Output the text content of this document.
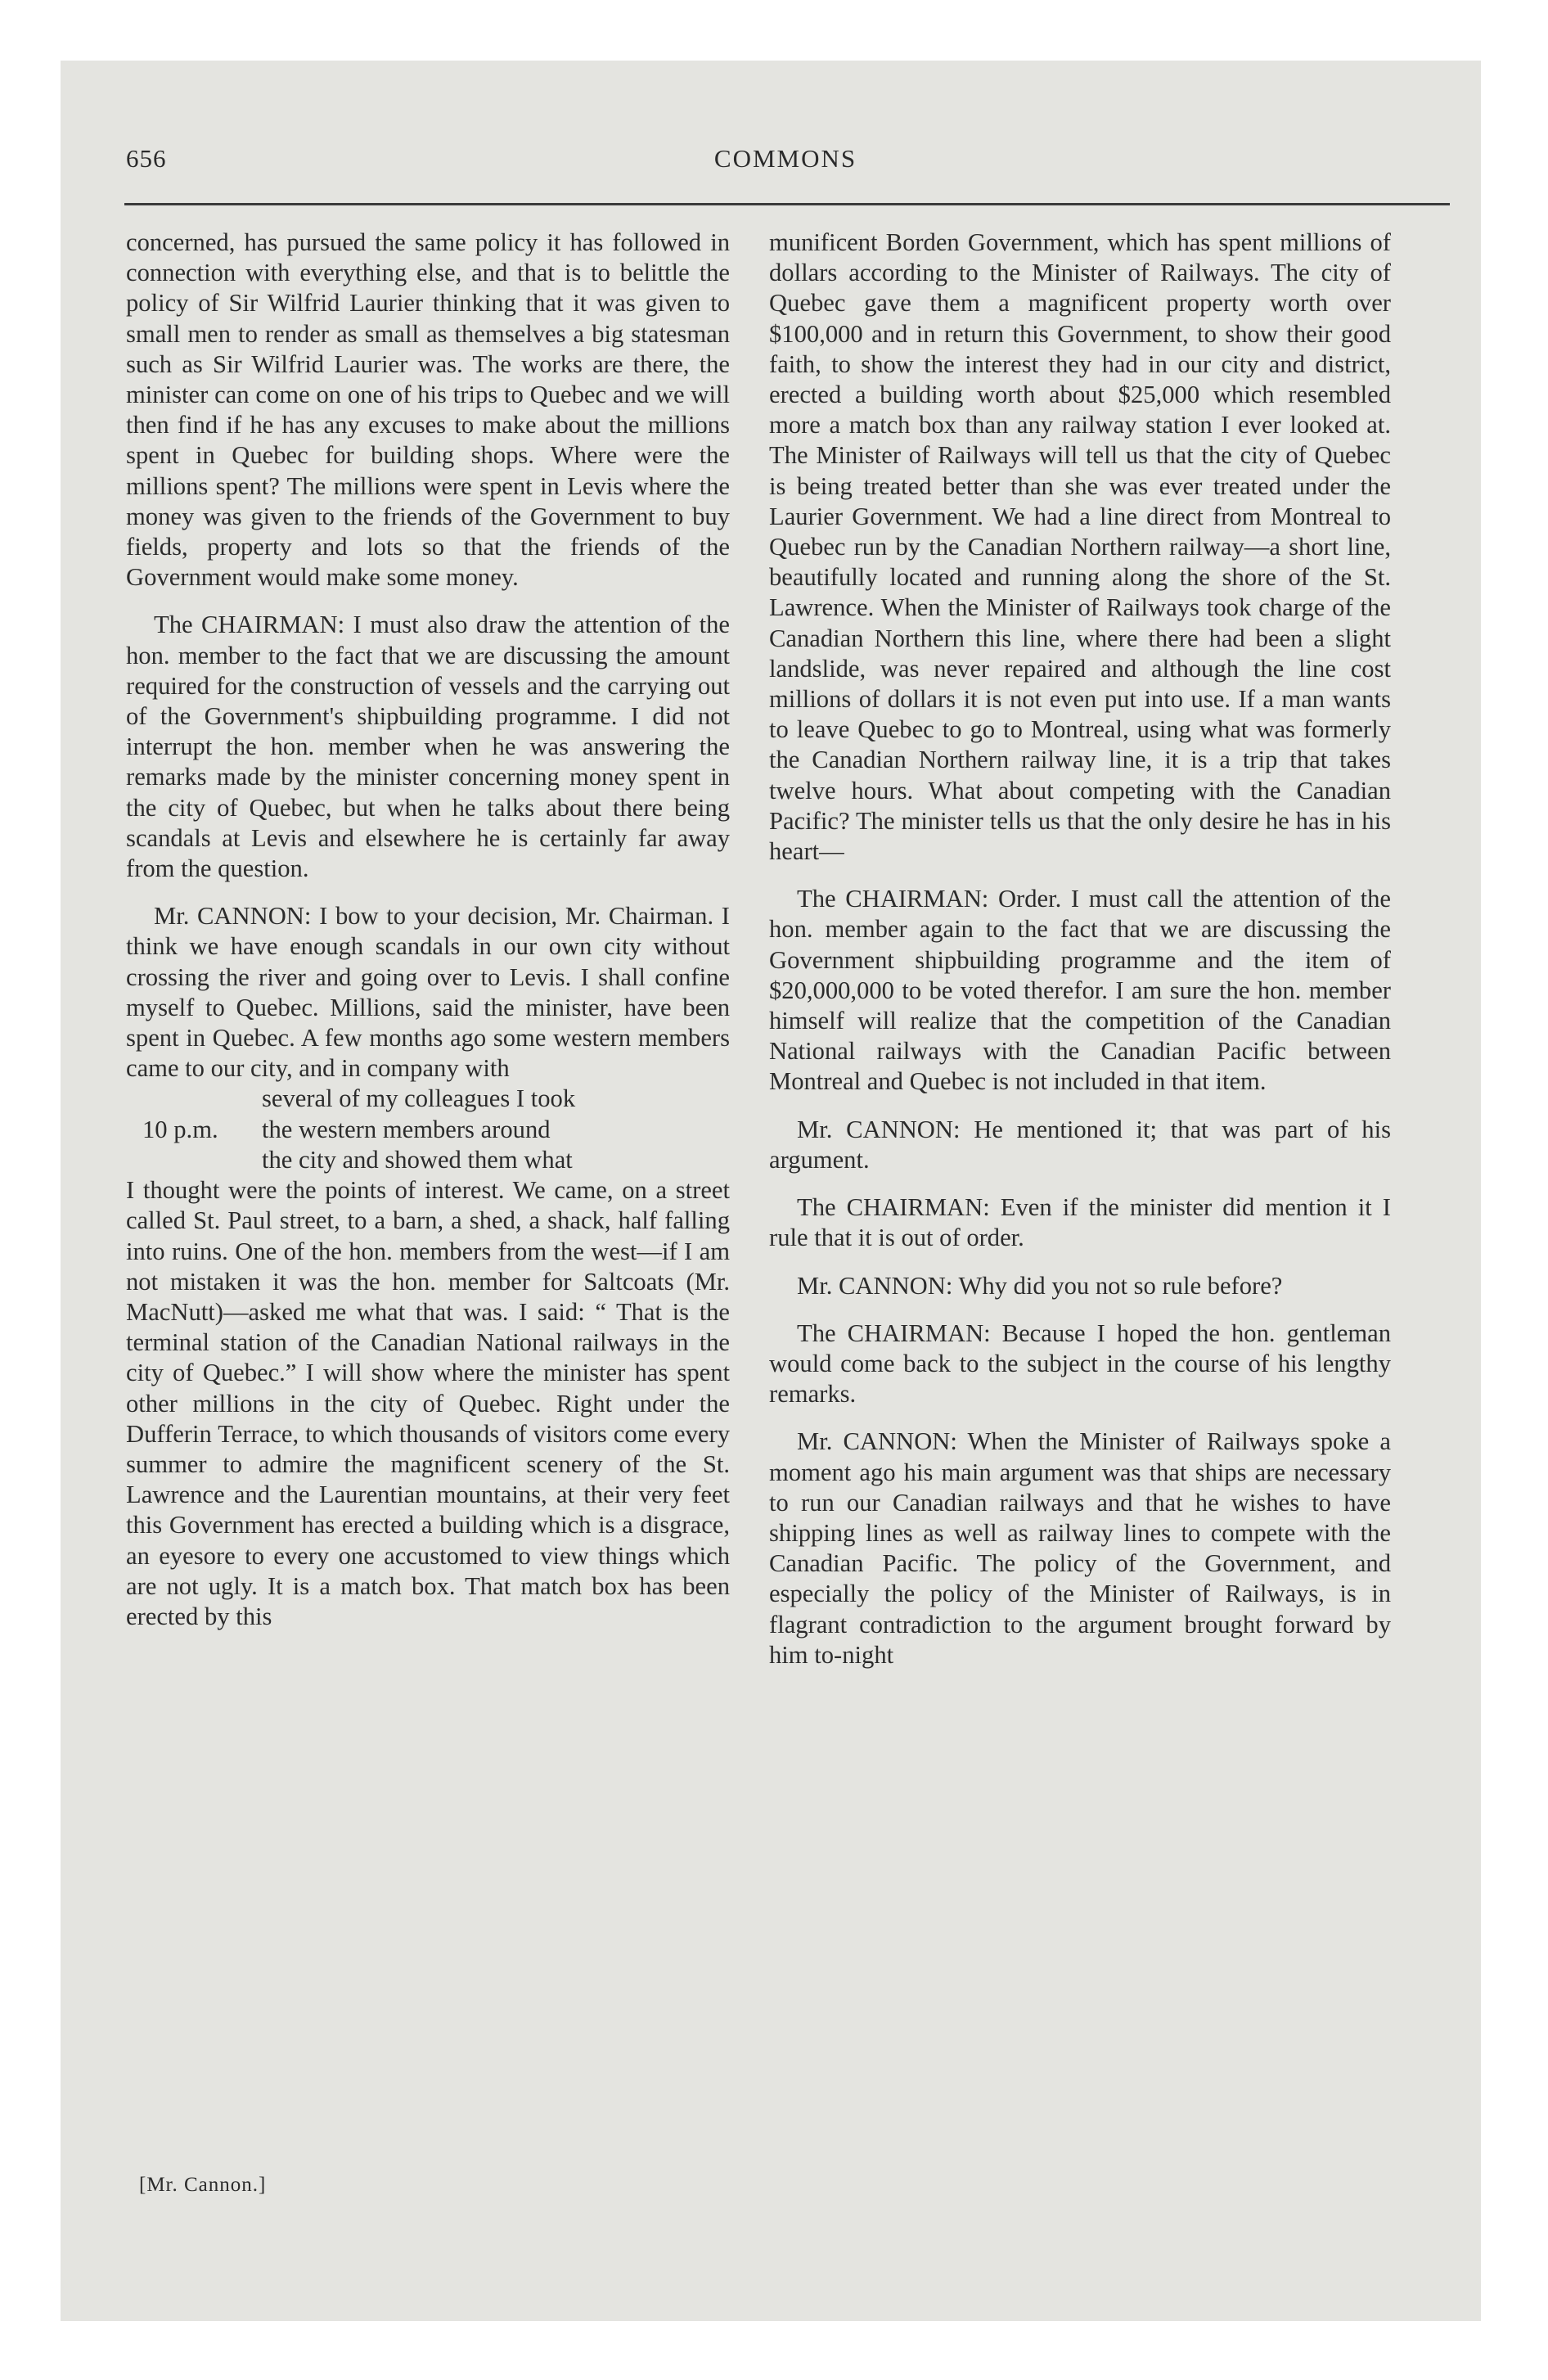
656	COMMONS

concerned, has pursued the same policy it has followed in connection with everything else, and that is to belittle the policy of Sir Wilfrid Laurier thinking that it was given to small men to render as small as themselves a big statesman such as Sir Wilfrid Laurier was. The works are there, the minister can come on one of his trips to Quebec and we will then find if he has any excuses to make about the millions spent in Quebec for building shops. Where were the millions spent? The millions were spent in Levis where the money was given to the friends of the Government to buy fields, property and lots so that the friends of the Government would make some money.

The CHAIRMAN: I must also draw the attention of the hon. member to the fact that we are discussing the amount required for the construction of vessels and the carrying out of the Government's shipbuilding programme. I did not interrupt the hon. member when he was answering the remarks made by the minister concerning money spent in the city of Quebec, but when he talks about there being scandals at Levis and elsewhere he is certainly far away from the question.

Mr. CANNON: I bow to your decision, Mr. Chairman. I think we have enough scandals in our own city without crossing the river and going over to Levis. I shall confine myself to Quebec. Millions, said the minister, have been spent in Quebec. A few months ago some western members came to our city, and in company with

10 p.m.
several of my colleagues I took
the western members around
the city and showed them what

I thought were the points of interest. We came, on a street called St. Paul street, to a barn, a shed, a shack, half falling into ruins. One of the hon. members from the west—if I am not mistaken it was the hon. member for Saltcoats (Mr. MacNutt)—asked me what that was. I said: “ That is the terminal station of the Canadian National railways in the city of Quebec.” I will show where the minister has spent other millions in the city of Quebec. Right under the Dufferin Terrace, to which thousands of visitors come every summer to admire the magnificent scenery of the St. Lawrence and the Laurentian mountains, at their very feet this Government has erected a building which is a disgrace, an eyesore to every one accustomed to view things which are not ugly. It is a match box. That match box has been erected by this

munificent Borden Government, which has spent millions of dollars according to the Minister of Railways. The city of Quebec gave them a magnificent property worth over $100,000 and in return this Government, to show their good faith, to show the interest they had in our city and district, erected a building worth about $25,000 which resembled more a match box than any railway station I ever looked at. The Minister of Railways will tell us that the city of Quebec is being treated better than she was ever treated under the Laurier Government. We had a line direct from Montreal to Quebec run by the Canadian Northern railway—a short line, beautifully located and running along the shore of the St. Lawrence. When the Minister of Railways took charge of the Canadian Northern this line, where there had been a slight landslide, was never repaired and although the line cost millions of dollars it is not even put into use. If a man wants to leave Quebec to go to Montreal, using what was formerly the Canadian Northern railway line, it is a trip that takes twelve hours. What about competing with the Canadian Pacific? The minister tells us that the only desire he has in his heart—

The CHAIRMAN: Order. I must call the attention of the hon. member again to the fact that we are discussing the Government shipbuilding programme and the item of $20,000,000 to be voted therefor. I am sure the hon. member himself will realize that the competition of the Canadian National railways with the Canadian Pacific between Montreal and Quebec is not included in that item.

Mr. CANNON: He mentioned it; that was part of his argument.

The CHAIRMAN: Even if the minister did mention it I rule that it is out of order.

Mr. CANNON: Why did you not so rule before?

The CHAIRMAN: Because I hoped the hon. gentleman would come back to the subject in the course of his lengthy remarks.

Mr. CANNON: When the Minister of Railways spoke a moment ago his main argument was that ships are necessary to run our Canadian railways and that he wishes to have shipping lines as well as railway lines to compete with the Canadian Pacific. The policy of the Government, and especially the policy of the Minister of Railways, is in flagrant contradiction to the argument brought forward by him to-night

[Mr. Cannon.]
